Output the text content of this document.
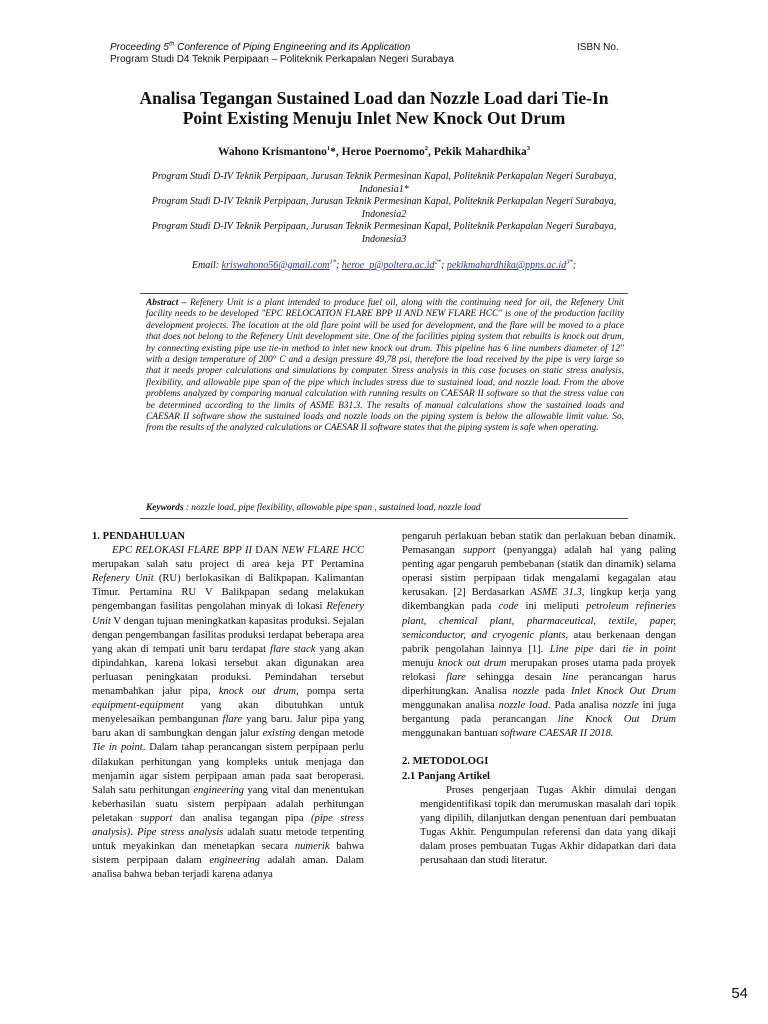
Proceeding 5th Conference of Piping Engineering and its Application	ISBN No.
Program Studi D4 Teknik Perpipaan – Politeknik Perkapalan Negeri Surabaya
Analisa Tegangan Sustained Load dan Nozzle Load dari Tie-In
Point Existing Menuju Inlet New Knock Out Drum
Wahono Krismantono$^1$*, Heroe Poernomo$^2$, Pekik Mahardhika$^3$
Program Studi D-IV Teknik Perpipaan, Jurusan Teknik Permesinan Kapal, Politeknik Perkapalan Negeri Surabaya,
Indonesia1*
Program Studi D-IV Teknik Perpipaan, Jurusan Teknik Permesinan Kapal, Politeknik Perkapalan Negeri Surabaya,
Indonesia2
Program Studi D-IV Teknik Perpipaan, Jurusan Teknik Permesinan Kapal, Politeknik Perkapalan Negeri Surabaya,
Indonesia3
Email: kriswahono56@gmail.com$^{1*}$; $heroe\_p@poltera.ac.id^{2*}$; $pekikmahardhika@ppns.ac.id^{3*}$;
Abstract – Refenery Unit is a plant intended to produce fuel oil, along with the continuing need for oil, the Refenery Unit facility needs to be developed "EPC RELOCATION FLARE BPP II AND NEW FLARE HCC" is one of the production facility development projects. The location at the old flare point will be used for development, and the flare will be moved to a place that does not belong to the Refenery Unit development site. One of the facilities piping system that rebuilts is knock out drum, by connecting existing pipe use tie-in method to inlet new knock out drum. This pipeline has 6 line numbers diameter of 12" with a design temperature of 200° C and a design pressure 49,78 psi, therefore the load received by the pipe is very large so that it needs proper calculations and simulations by computer. Stress analysis in this case focuses on static stress analysis, flexibility, and allowable pipe span of the pipe which includes stress due to sustained load, and nozzle load. From the above problems analyzed by comparing manual calculation with running results on CAESAR II software so that the stress value can be determined according to the limits of ASME B31.3. The results of manual calculations show the sustained loads and CAESAR II software show the sustained loads and nozzle loads on the piping system is below the allowable limit value. So, from the results of the analyzed calculations or CAESAR II software states that the piping system is safe when operating.
Keywords : nozzle load, pipe flexibility, allowable pipe span , sustained load, nozzle load

1. PENDAHULUAN

EPC RELOKASI FLARE BPP II DAN NEW FLARE HCC merupakan salah satu project di area keja PT Pertamina Refenery Unit (RU) berlokasikan di Balikpapan. Kalimantan Timur. Pertamina RU V Balikpapan sedang melakukan pengembangan fasilitas pengolahan minyak di lokasi Refenery Unit V dengan tujuan meningkatkan kapasitas produksi. Sejalan dengan pengembangan fasilitas produksi terdapat beberapa area yang akan di tempati unit baru terdapat flare stack yang akan dipindahkan, karena lokasi tersebut akan digunakan area perluasan peningkatan produksi. Pemindahan tersebut menambahkan jalur pipa, knock out drum, pompa serta equipment-equipment yang akan dibutuhkan untuk menyelesaikan pembangunan flare yang baru. Jalur pipa yang baru akan di sambungkan dengan jalur existing dengan metode Tie in point. Dalam tahap perancangan sistem perpipaan perlu dilakukan perhitungan yang kompleks untuk menjaga dan menjamin agar sistem perpipaan aman pada saat beroperasi. Salah satu perhitungan engineering yang vital dan menentukan keberhasilan suatu sistem perpipaan adalah perhitungan peletakan support dan analisa tegangan pipa (pipe stress analysis). Pipe stress analysis adalah suatu metode terpenting untuk meyakinkan dan menetapkan secara numerik bahwa sistem perpipaan dalam engineering adalah aman. Dalam analisa bahwa beban terjadi karena adanya

pengaruh perlakuan beban statik dan perlakuan beban dinamik. Pemasangan support (penyangga) adalah hal yang paling penting agar pengaruh pembebanan (statik dan dinamik) selama operasi sistim perpipaan tidak mengalami kegagalan atau kerusakan. [2] Berdasarkan ASME 31.3, lingkup kerja yang dikembangkan pada code ini meliputi petroleum refineries plant, chemical plant, pharmaceutical, textile, paper, semiconductor, and cryogenic plants, atau berkenaan dengan pabrik pengolahan lainnya [1]. Line pipe dari tie in point menuju knock out drum merupakan proses utama pada proyek relokasi flare sehingga desain line perancangan harus diperhitungkan. Analisa nozzle pada Inlet Knock Out Drum menggunakan analisa nozzle load. Pada analisa nozzle ini juga bergantung pada perancangan line Knock Out Drum menggunakan bantuan software CAESAR II 2018.

2. METODOLOGI

2.1 Panjang Artikel

Proses pengerjaan Tugas Akhir dimulai dengan mengidentifikasi topik dan merumuskan masalah dari topik yang dipilih, dilanjutkan dengan penentuan dari pembuatan Tugas Akhir. Pengumpulan referensi dan data yang dikaji dalam proses pembuatan Tugas Akhir didapatkan dari data perusahaan dan studi literatur.

54
